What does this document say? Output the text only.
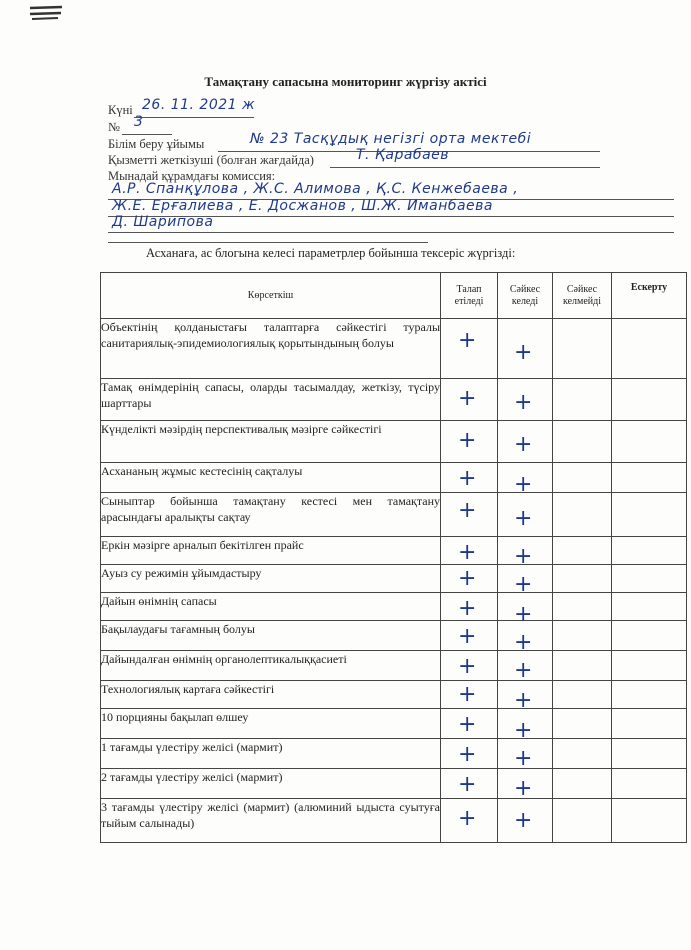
Тамақтану сапасына мониторинг жүргізу актісі
Күні 26. 11. 2021 ж
№ 3
Білім беру ұйымы	№ 23 Тасқұдық негізгі орта мектебі
Қызметті жеткізуші (болған жағдайда)	Т. Қарабаев
Мынадай құрамдағы комиссия:
А.Р. Спанқұлова , Ж.С. Алимова , Қ.С. Кенжебаева ,
Ж.Е. Ерғалиева , Е. Досжанов , Ш.Ж. Иманбаева
Д. Шарипова
Асханаға, ас блогына келесі параметрлер бойынша тексеріс жүргізді:
Көрсеткіш	Талап етіледі	Сәйкес келеді	Сәйкес келмейді	Ескерту
Объектінің қолданыстағы талаптарға сәйкестігі туралы санитариялық-эпидемиологиялық қорытындының болуы	+	+		

Тамақ өнімдерінің сапасы, оларды тасымалдау, жеткізу, түсіру шарттары	+	+		

Күнделікті мәзірдің перспективалық мәзірге сәйкестігі	+	+		

Асхананың жұмыс кестесінің сақталуы	+	+		

Сыныптар бойынша тамақтану кестесі мен тамақтану арасындағы аралықты сақтау	+	+		

Еркін мәзірге арналып бекітілген прайс	+	+		

Ауыз су режимін ұйымдастыру	+	+		

Дайын өнімнің сапасы	+	+		

Бақылаудағы тағамның болуы	+	+		

Дайындалған өнімнің органолептикалыққасиеті	+	+		

Технологиялық картаға сәйкестігі	+	+		

10 порцияны бақылап өлшеу	+	+		

1 тағамды үлестіру желісі (мармит)	+	+		

2 тағамды үлестіру желісі (мармит)	+	+		

3 тағамды үлестіру желісі (мармит) (алюминий ыдыста суытуға тыйым салынады)	+	+		
